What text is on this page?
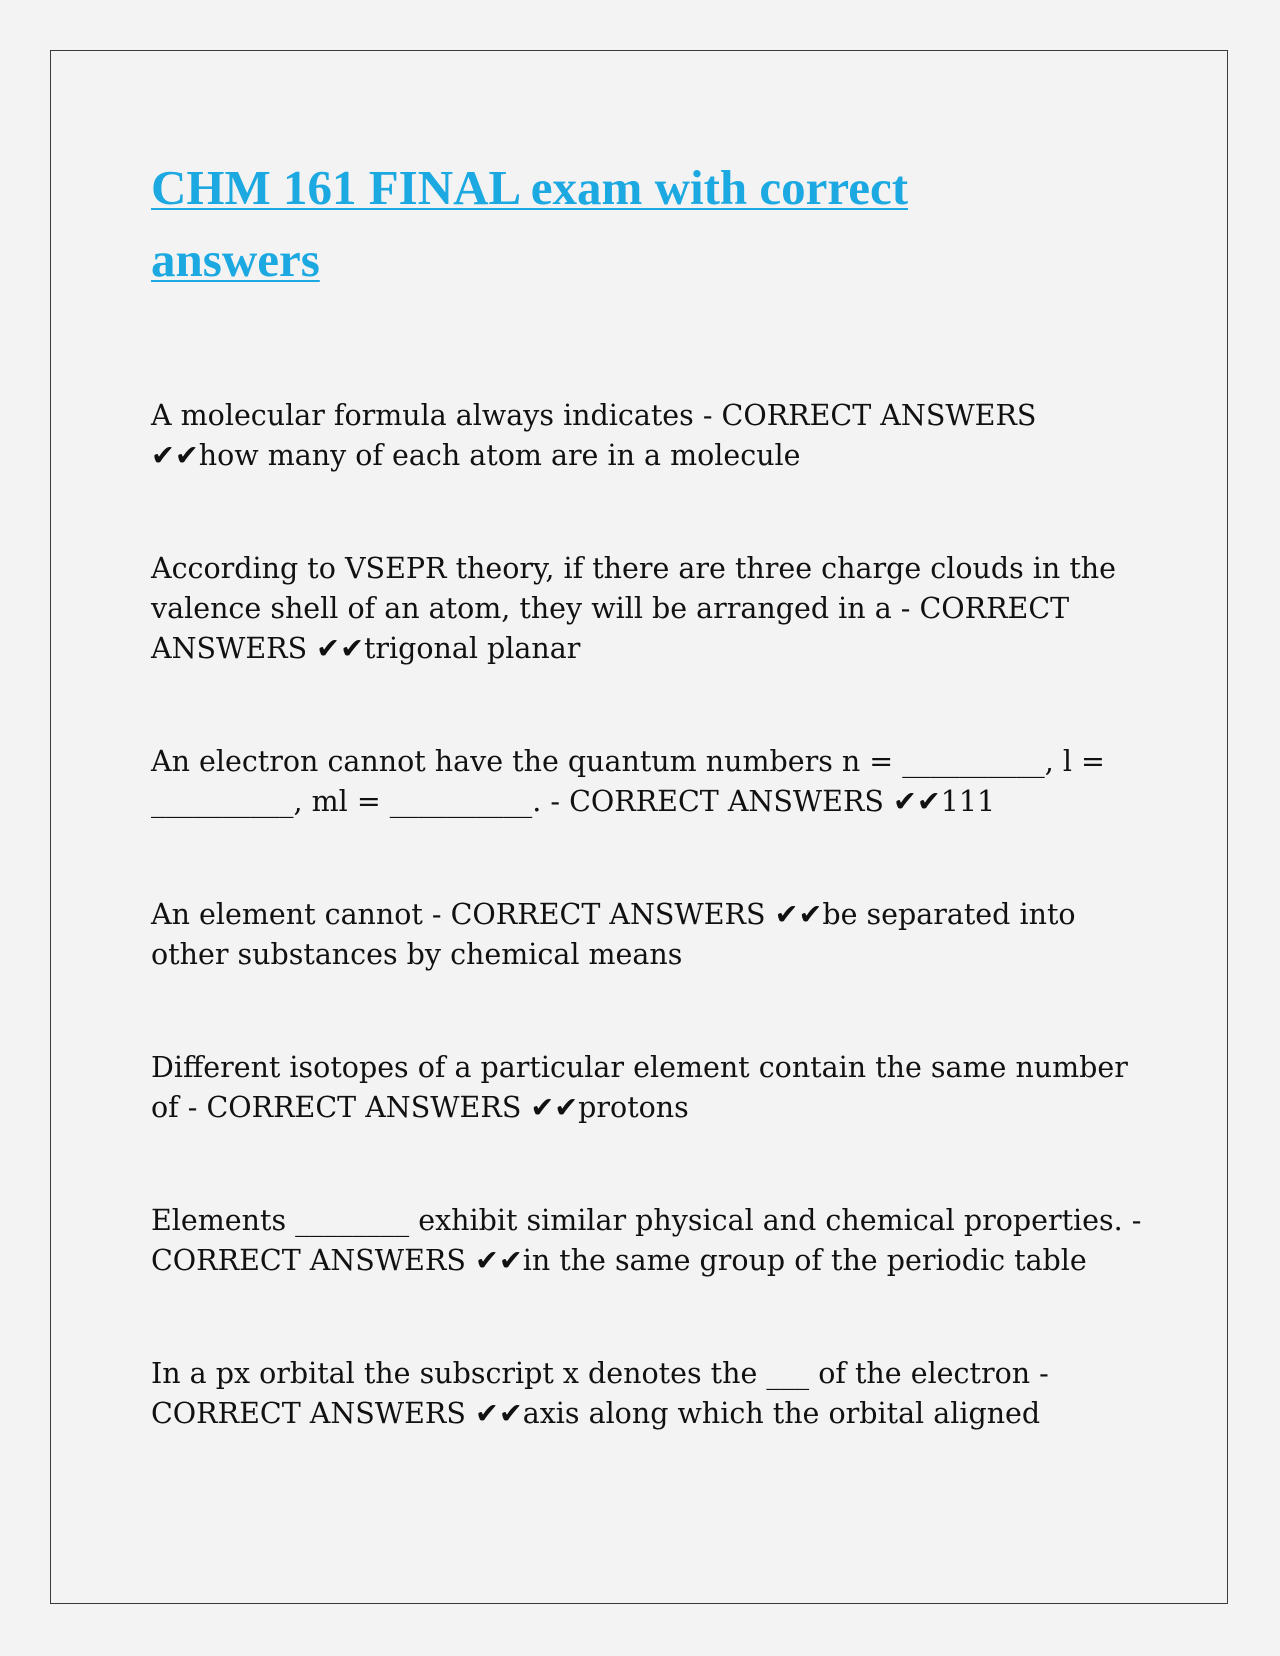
CHM 161 FINAL exam with correct answers

A molecular formula always indicates - CORRECT ANSWERS ✔✔how many of each atom are in a molecule

According to VSEPR theory, if there are three charge clouds in the valence shell of an atom, they will be arranged in a - CORRECT ANSWERS ✔✔trigonal planar

An electron cannot have the quantum numbers n = __________, l = __________, ml = __________. - CORRECT ANSWERS ✔✔111

An element cannot - CORRECT ANSWERS ✔✔be separated into other substances by chemical means

Different isotopes of a particular element contain the same number of - CORRECT ANSWERS ✔✔protons

Elements ________ exhibit similar physical and chemical properties. - CORRECT ANSWERS ✔✔in the same group of the periodic table

In a px orbital the subscript x denotes the ___ of the electron - CORRECT ANSWERS ✔✔axis along which the orbital aligned
